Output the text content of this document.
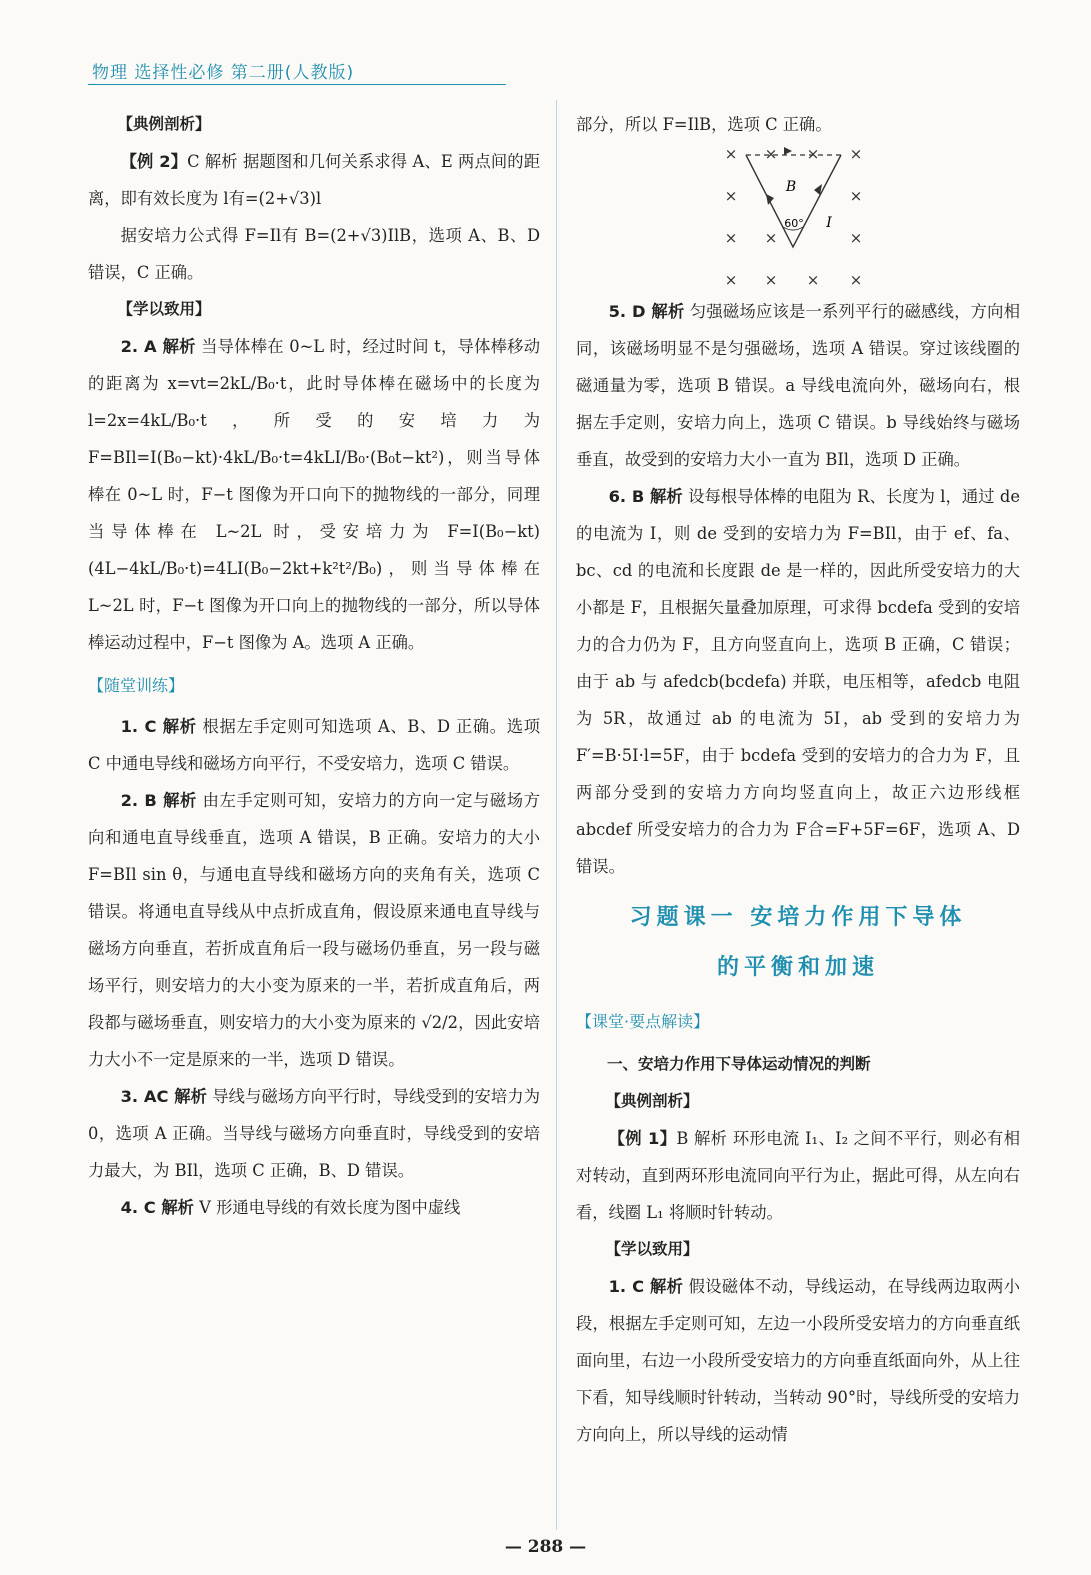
物理 选择性必修 第二册(人教版)

【典例剖析】

【例 2】C 解析 据题图和几何关系求得 A、E 两点间的距离，即有效长度为 l有=(2+√3)l

据安培力公式得 F=Il有 B=(2+√3)IlB，选项 A、B、D 错误，C 正确。

【学以致用】

2. A 解析 当导体棒在 0~L 时，经过时间 t，导体棒移动的距离为 x=vt=2kL/B₀·t，此时导体棒在磁场中的长度为 l=2x=4kL/B₀·t，所受的安培力为 F=BIl=I(B₀−kt)·4kL/B₀·t=4kLI/B₀·(B₀t−kt²)，则当导体棒在 0~L 时，F−t 图像为开口向下的抛物线的一部分，同理当导体棒在 L~2L 时，受安培力为 F=I(B₀−kt)(4L−4kL/B₀·t)=4LI(B₀−2kt+k²t²/B₀)，则当导体棒在 L~2L 时，F−t 图像为开口向上的抛物线的一部分，所以导体棒运动过程中，F−t 图像为 A。选项 A 正确。

【随堂训练】

1. C 解析 根据左手定则可知选项 A、B、D 正确。选项 C 中通电导线和磁场方向平行，不受安培力，选项 C 错误。

2. B 解析 由左手定则可知，安培力的方向一定与磁场方向和通电直导线垂直，选项 A 错误，B 正确。安培力的大小 F=BIl sin θ，与通电直导线和磁场方向的夹角有关，选项 C 错误。将通电直导线从中点折成直角，假设原来通电直导线与磁场方向垂直，若折成直角后一段与磁场仍垂直，另一段与磁场平行，则安培力的大小变为原来的一半，若折成直角后，两段都与磁场垂直，则安培力的大小变为原来的 √2/2，因此安培力大小不一定是原来的一半，选项 D 错误。

3. AC 解析 导线与磁场方向平行时，导线受到的安培力为 0，选项 A 正确。当导线与磁场方向垂直时，导线受到的安培力最大，为 BIl，选项 C 正确，B、D 错误。

4. C 解析 V 形通电导线的有效长度为图中虚线

部分，所以 F=IlB，选项 C 正确。

× × × ×
×	×
× ×	×
× × × ×
B
I
60°

5. D 解析 匀强磁场应该是一系列平行的磁感线，方向相同，该磁场明显不是匀强磁场，选项 A 错误。穿过该线圈的磁通量为零，选项 B 错误。a 导线电流向外，磁场向右，根据左手定则，安培力向上，选项 C 错误。b 导线始终与磁场垂直，故受到的安培力大小一直为 BIl，选项 D 正确。

6. B 解析 设每根导体棒的电阻为 R、长度为 l，通过 de 的电流为 I，则 de 受到的安培力为 F=BIl，由于 ef、fa、bc、cd 的电流和长度跟 de 是一样的，因此所受安培力的大小都是 F，且根据矢量叠加原理，可求得 bcdefa 受到的安培力的合力仍为 F，且方向竖直向上，选项 B 正确，C 错误；由于 ab 与 afedcb(bcdefa) 并联，电压相等，afedcb 电阻为 5R，故通过 ab 的电流为 5I，ab 受到的安培力为 F′=B·5I·l=5F，由于 bcdefa 受到的安培力的合力为 F，且两部分受到的安培力方向均竖直向上，故正六边形线框 abcdef 所受安培力的合力为 F合=F+5F=6F，选项 A、D 错误。

习题课一 安培力作用下导体
的平衡和加速

【课堂·要点解读】

一、安培力作用下导体运动情况的判断

【典例剖析】

【例 1】B 解析 环形电流 I₁、I₂ 之间不平行，则必有相对转动，直到两环形电流同向平行为止，据此可得，从左向右看，线圈 L₁ 将顺时针转动。

【学以致用】

1. C 解析 假设磁体不动，导线运动，在导线两边取两小段，根据左手定则可知，左边一小段所受安培力的方向垂直纸面向里，右边一小段所受安培力的方向垂直纸面向外，从上往下看，知导线顺时针转动，当转动 90°时，导线所受的安培力方向向上，所以导线的运动情

— 288 —
